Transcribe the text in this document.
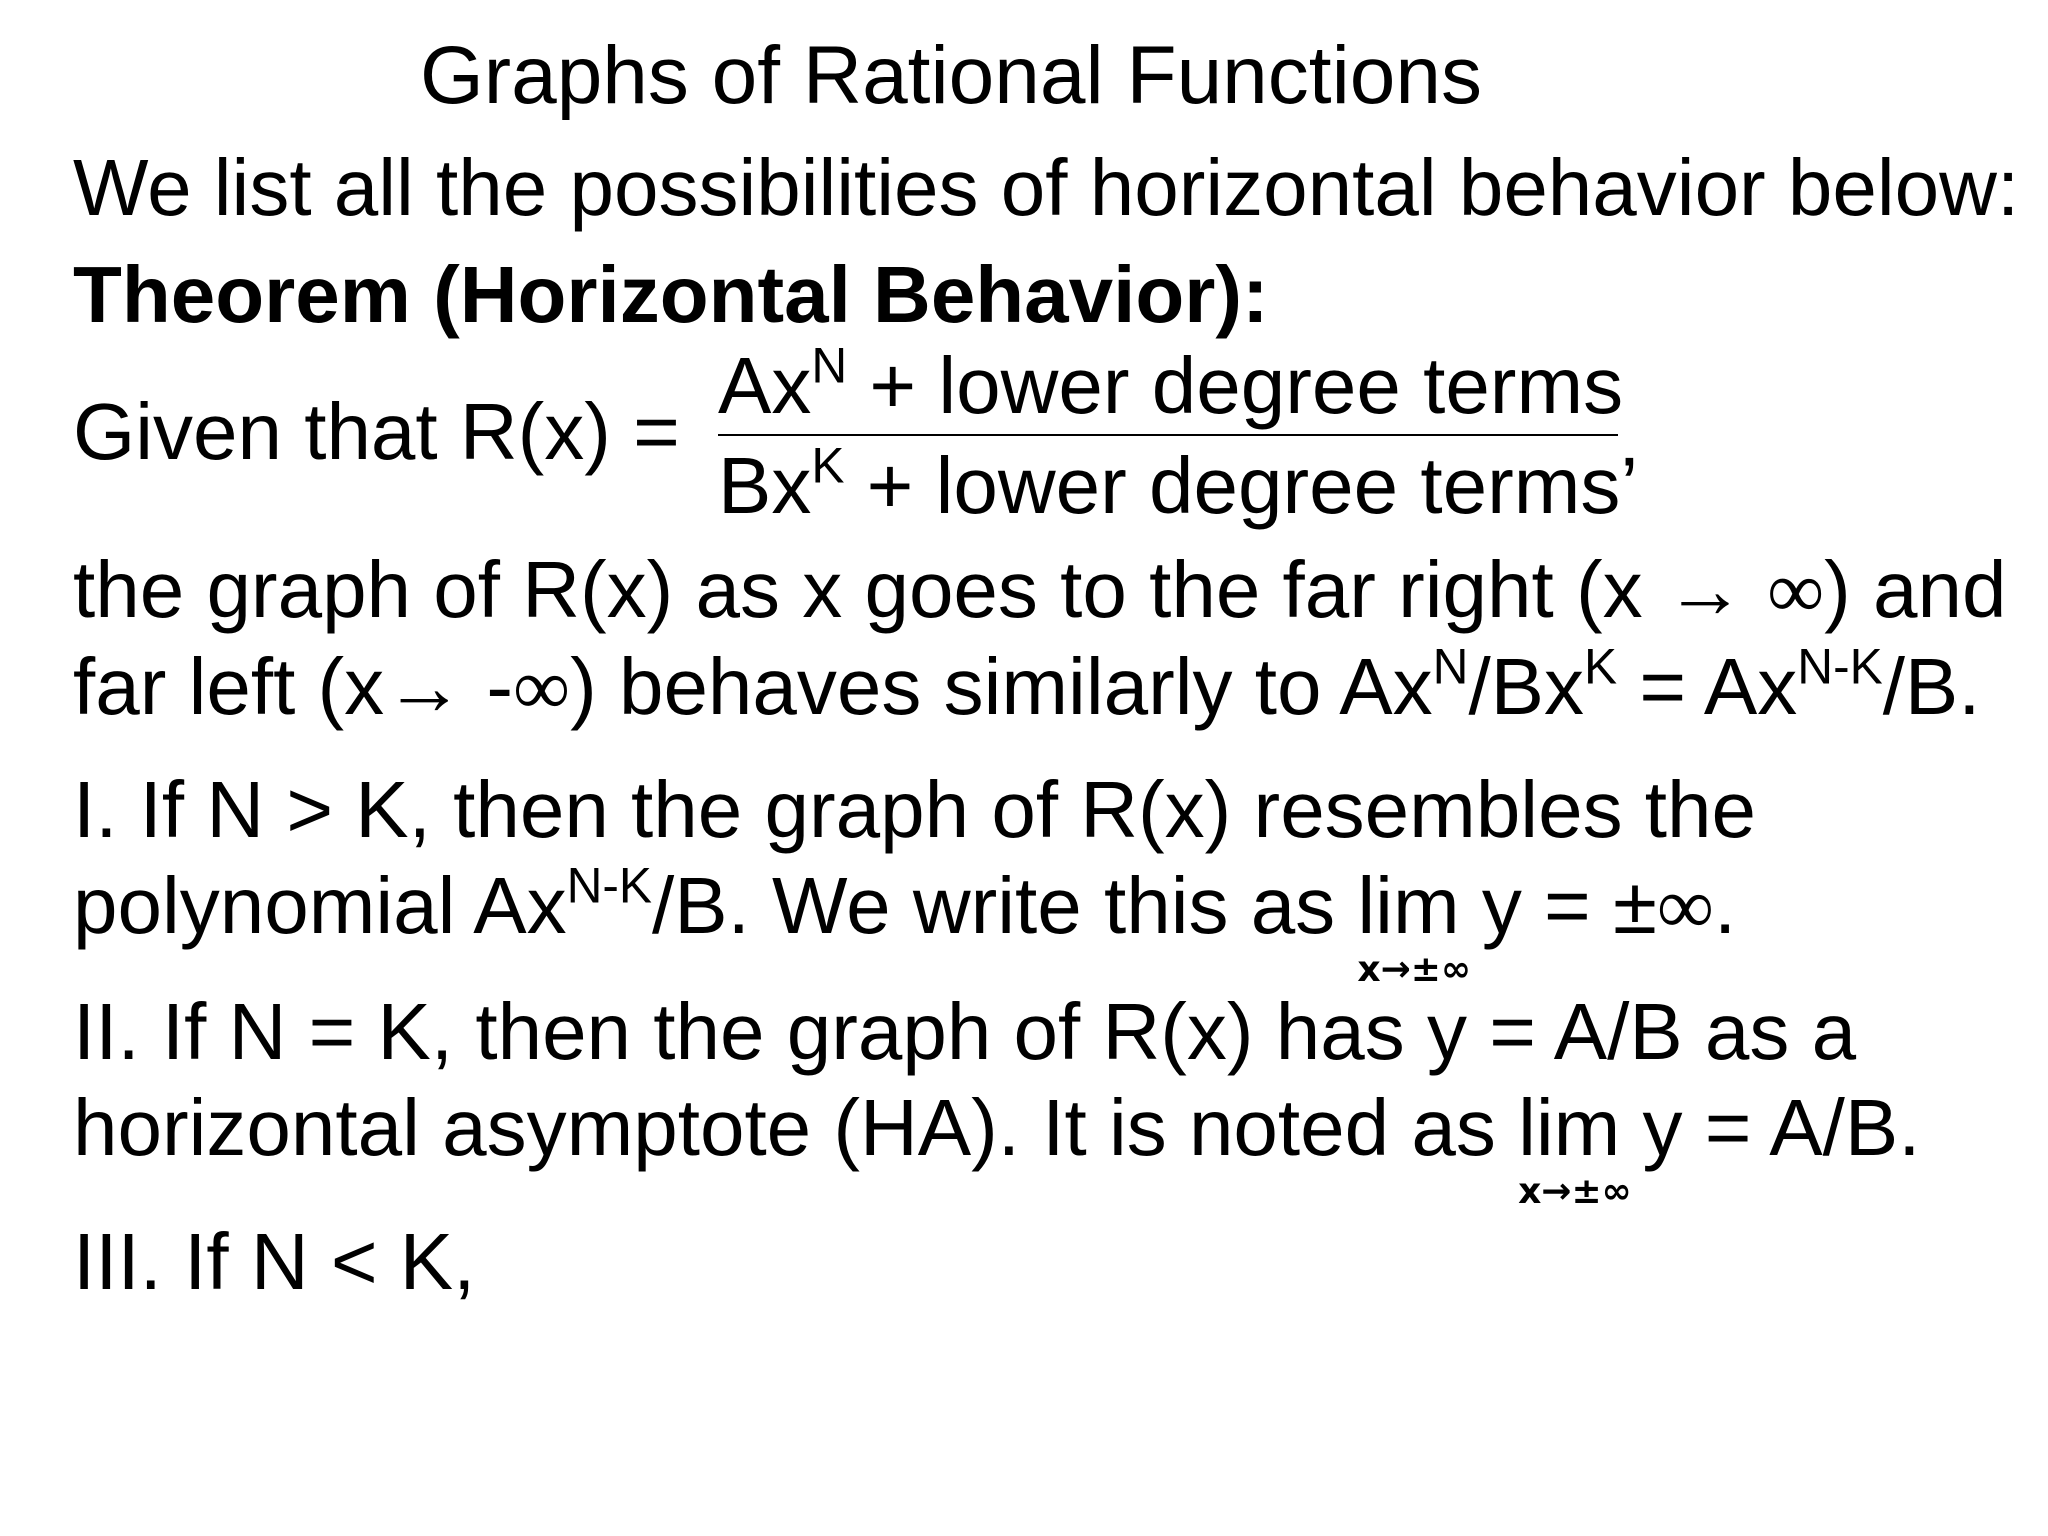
Graphs of Rational Functions
We list all the possibilities of horizontal behavior below:
Theorem (Horizontal Behavior):
Given that R(x) =
$Ax^N$ + lower degree terms
$Bx^K$ + lower degree terms’
the graph of R(x) as x goes to the far right (x → ∞) and
far left (x→ -∞) behaves similarly to $Ax^N/Bx^K = Ax^{N-K}/B$.
I. If N > K, then the graph of R(x) resembles the
polynomial $Ax^{N-K}/B$. We write this as lim
x→±∞
y = ±∞.
II. If N = K, then the graph of R(x) has y = A/B as a
horizontal asymptote (HA). It is noted as lim
x→±∞
y = A/B.
III. If N < K,
